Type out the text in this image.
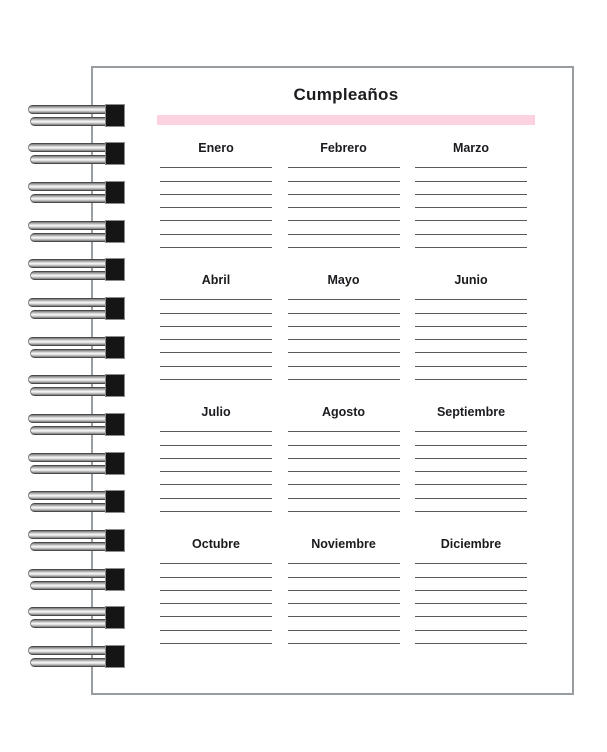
Cumpleaños
Enero	Febrero	Marzo
Abril	Mayo	Junio
Julio	Agosto	Septiembre
Octubre	Noviembre	Diciembre
